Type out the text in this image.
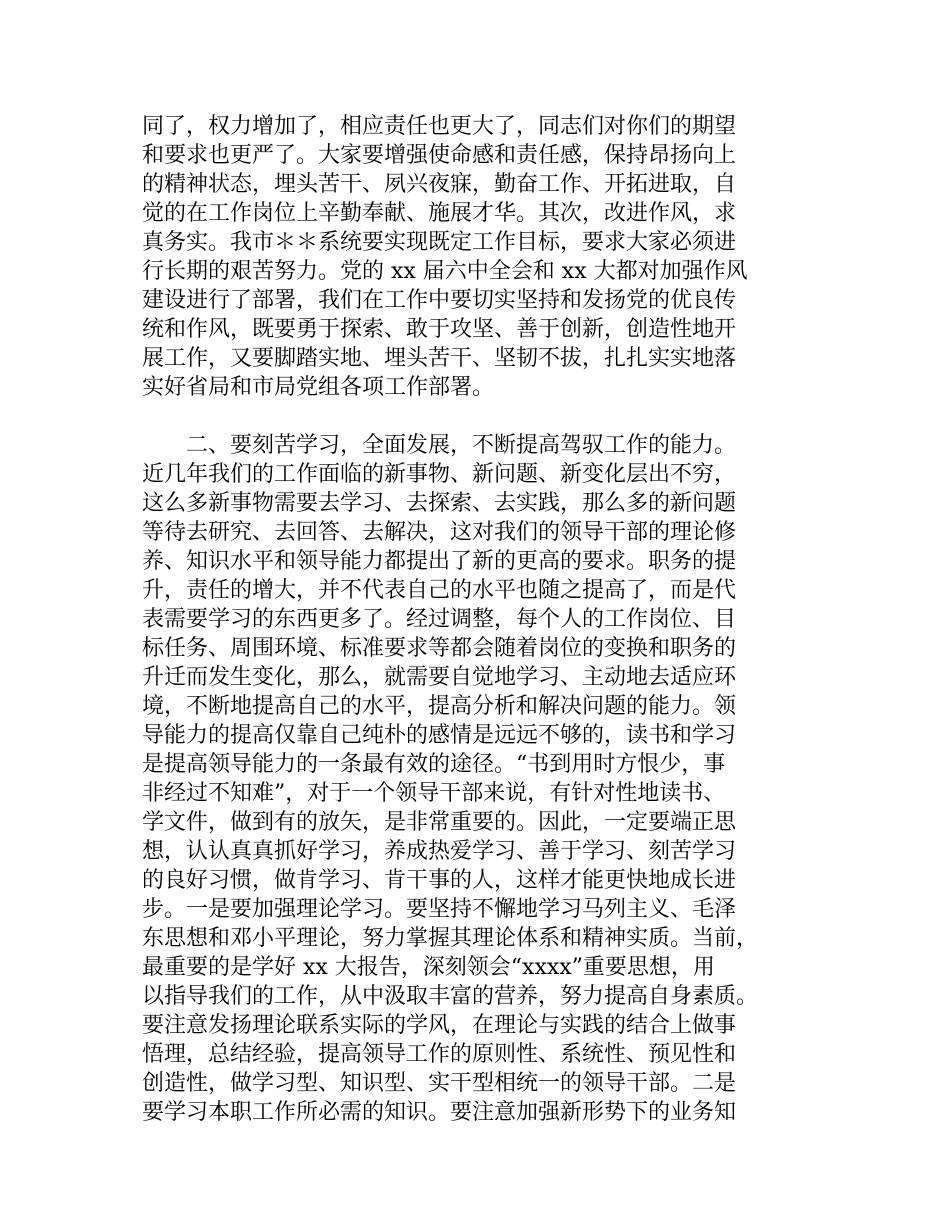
同了，权力增加了，相应责任也更大了，同志们对你们的期望
和要求也更严了。大家要增强使命感和责任感，保持昂扬向上
的精神状态，埋头苦干、夙兴夜寐，勤奋工作、开拓进取，自
觉的在工作岗位上辛勤奉献、施展才华。其次，改进作风，求
真务实。我市＊＊系统要实现既定工作目标，要求大家必须进
行长期的艰苦努力。党的 xx 届六中全会和 xx 大都对加强作风
建设进行了部署，我们在工作中要切实坚持和发扬党的优良传
统和作风，既要勇于探索、敢于攻坚、善于创新，创造性地开
展工作，又要脚踏实地、埋头苦干、坚韧不拔，扎扎实实地落
实好省局和市局党组各项工作部署。
二、要刻苦学习，全面发展，不断提高驾驭工作的能力。
近几年我们的工作面临的新事物、新问题、新变化层出不穷，
这么多新事物需要去学习、去探索、去实践，那么多的新问题
等待去研究、去回答、去解决，这对我们的领导干部的理论修
养、知识水平和领导能力都提出了新的更高的要求。职务的提
升，责任的增大，并不代表自己的水平也随之提高了，而是代
表需要学习的东西更多了。经过调整，每个人的工作岗位、目
标任务、周围环境、标准要求等都会随着岗位的变换和职务的
升迁而发生变化，那么，就需要自觉地学习、主动地去适应环
境，不断地提高自己的水平，提高分析和解决问题的能力。领
导能力的提高仅靠自己纯朴的感情是远远不够的，读书和学习
是提高领导能力的一条最有效的途径。“书到用时方恨少，事
非经过不知难”，对于一个领导干部来说，有针对性地读书、
学文件，做到有的放矢，是非常重要的。因此，一定要端正思
想，认认真真抓好学习，养成热爱学习、善于学习、刻苦学习
的良好习惯，做肯学习、肯干事的人，这样才能更快地成长进
步。一是要加强理论学习。要坚持不懈地学习马列主义、毛泽
东思想和邓小平理论，努力掌握其理论体系和精神实质。当前，
最重要的是学好 xx 大报告，深刻领会“xxxx”重要思想，用
以指导我们的工作，从中汲取丰富的营养，努力提高自身素质。
要注意发扬理论联系实际的学风，在理论与实践的结合上做事
悟理，总结经验，提高领导工作的原则性、系统性、预见性和
创造性，做学习型、知识型、实干型相统一的领导干部。二是
要学习本职工作所必需的知识。要注意加强新形势下的业务知
